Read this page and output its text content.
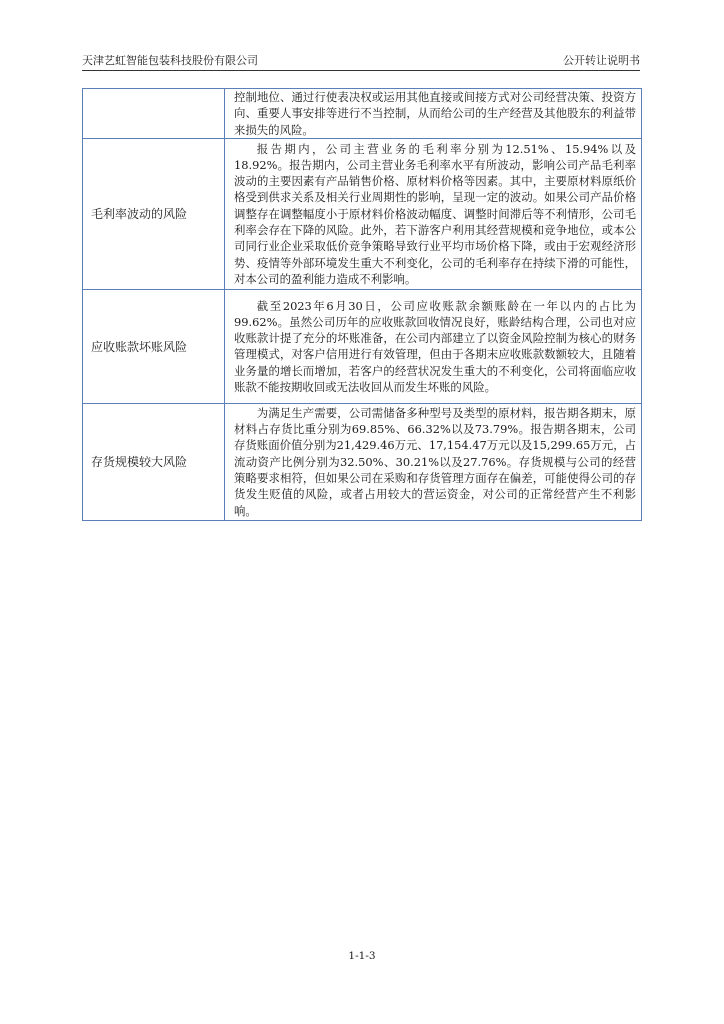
天津艺虹智能包装科技股份有限公司	公开转让说明书

	控制地位、通过行使表决权或运用其他直接或间接方式对公司经营决策、投资方向、重要人事安排等进行不当控制，从而给公司的生产经营及其他股东的利益带来损失的风险。

毛利率波动的风险	报告期内，公司主营业务的毛利率分别为12.51%、15.94%以及18.92%。报告期内，公司主营业务毛利率水平有所波动，影响公司产品毛利率波动的主要因素有产品销售价格、原材料价格等因素。其中，主要原材料原纸价格受到供求关系及相关行业周期性的影响，呈现一定的波动。如果公司产品价格调整存在调整幅度小于原材料价格波动幅度、调整时间滞后等不利情形，公司毛利率会存在下降的风险。此外，若下游客户利用其经营规模和竞争地位，或本公司同行业企业采取低价竞争策略导致行业平均市场价格下降，或由于宏观经济形势、疫情等外部环境发生重大不利变化，公司的毛利率存在持续下滑的可能性，对本公司的盈利能力造成不利影响。

应收账款坏账风险	截至2023年6月30日，公司应收账款余额账龄在一年以内的占比为99.62%。虽然公司历年的应收账款回收情况良好，账龄结构合理，公司也对应收账款计提了充分的坏账准备，在公司内部建立了以资金风险控制为核心的财务管理模式，对客户信用进行有效管理，但由于各期末应收账款数额较大，且随着业务量的增长而增加，若客户的经营状况发生重大的不利变化，公司将面临应收账款不能按期收回或无法收回从而发生坏账的风险。

存货规模较大风险	为满足生产需要，公司需储备多种型号及类型的原材料，报告期各期末，原材料占存货比重分别为69.85%、66.32%以及73.79%。报告期各期末，公司存货账面价值分别为21,429.46万元、17,154.47万元以及15,299.65万元，占流动资产比例分别为32.50%、30.21%以及27.76%。存货规模与公司的经营策略要求相符，但如果公司在采购和存货管理方面存在偏差，可能使得公司的存货发生贬值的风险，或者占用较大的营运资金，对公司的正常经营产生不利影响。

1-1-3
